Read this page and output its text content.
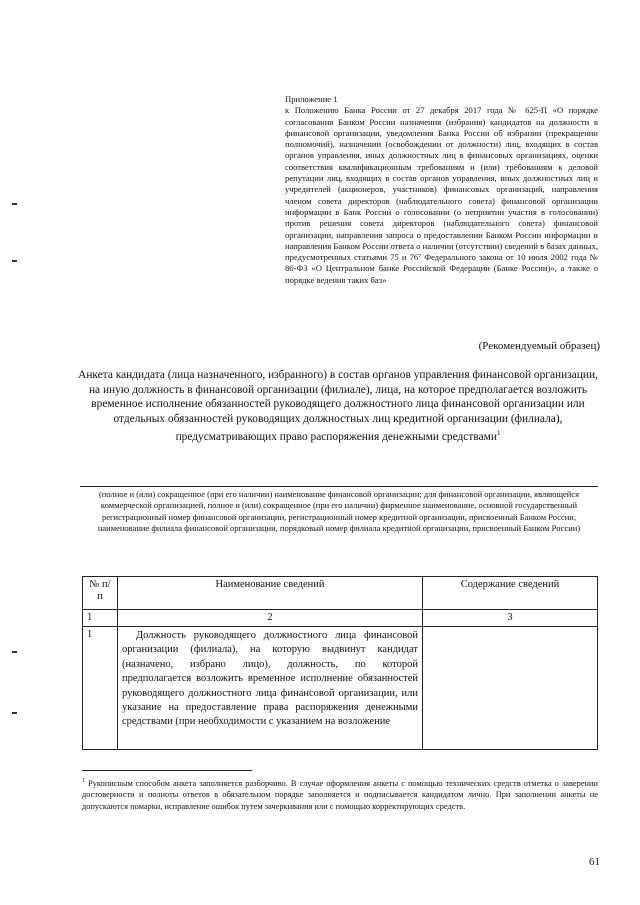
Приложение 1
к Положению Банка России от 27 декабря 2017 года № 625-П «О порядке согласования Банком России назначения (избрания) кандидатов на должности в финансовой организации, уведомления Банка России об избрании (прекращении полномочий), назначении (освобождении от должности) лиц, входящих в состав органов управления, иных должностных лиц в финансовых организациях, оценки соответствия квалификационным требованиям и (или) требованиям к деловой репутации лиц, входящих в состав органов управления, иных должностных лиц и учредителей (акционеров, участников) финансовых организаций, направления членом совета директоров (наблюдательного совета) финансовой организации информации в Банк России о голосовании (о неприятии участия в голосовании) против решения совета директоров (наблюдательного совета) финансовой организации, направления запроса о предоставлении Банком России информации и направления Банком России ответа о наличии (отсутствии) сведений в базах данных, предусмотренных статьями 75 и 76⁷ Федерального закона от 10 июля 2002 года № 86-ФЗ «О Центральном банке Российской Федерации (Банке России)», а также о порядке ведения таких баз»
(Рекомендуемый образец)
Анкета кандидата (лица назначенного, избранного) в состав органов управления финансовой организации, на иную должность в финансовой организации (филиале), лица, на которое предполагается возложить временное исполнение обязанностей руководящего должностного лица финансовой организации или отдельных обязанностей руководящих должностных лиц кредитной организации (филиала), предусматривающих право распоряжения денежными средствами$^1$
(полное и (или) сокращенное (при его наличии) наименование финансовой организации; для финансовой организации, являющейся коммерческой организацией, полное и (или) сокращенное (при его наличии) фирменное наименование, основной государственный регистрационный номер финансовой организации, регистрационный номер кредитной организации, присвоенный Банком России, наименование филиала финансовой организации, порядковый номер филиала кредитной организации, присвоенный Банком России)
№ п/п	Наименование сведений	Содержание сведений
1	2	3
1	Должность руководящего должностного лица финансовой организации (филиала), на которую выдвинут кандидат (назначено, избрано лицо), должность, по которой предполагается возложить временное исполнение обязанностей руководящего должностного лица финансовой организации, или указание на предоставление права распоряжения денежными средствами (при необходимости с указанием на возложение	
$^1$ Рукописным способом анкета заполняется разборчиво. В случае оформления анкеты с помощью технических средств отметка о заверении достоверности и полноты ответов в обязательном порядке заполняется и подписывается кандидатом лично. При заполнении анкеты не допускаются помарки, исправление ошибок путем зачеркивания или с помощью корректирующих средств.
61
